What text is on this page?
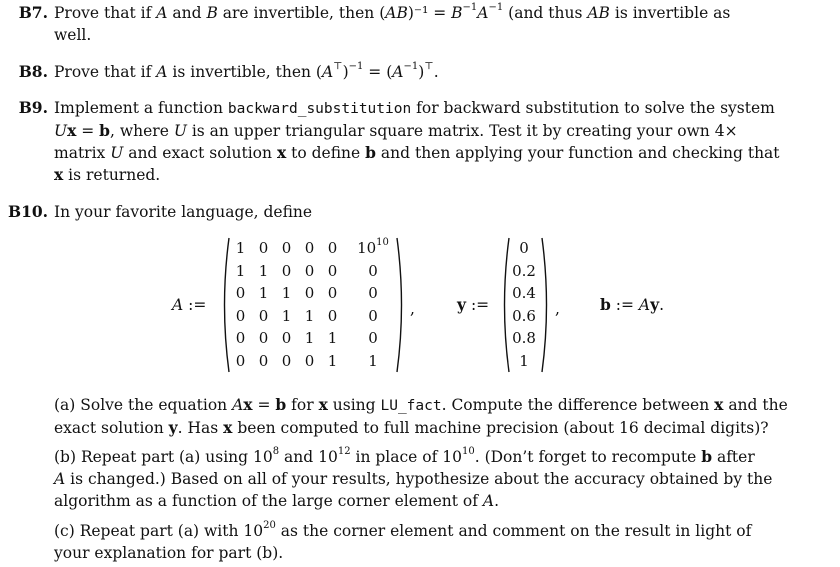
B7. Prove that if A and B are invertible, then $(AB)^{-1} = B^{-1}A^{-1}$ (and thus AB is invertible as
well.
B8. Prove that if A is invertible, then $(A^⊤)^{-1} = (A^{-1})^⊤$.
B9. Implement a function backward_substitution for backward substitution to solve the system
Ux = b, where U is an upper triangular square matrix. Test it by creating your own 4×
matrix U and exact solution x to define b and then applying your function and checking that
x is returned.
B10. In your favorite language, define
A :=
1	0	0	0	0	$10^{10}$
1	1	0	0	0	0
0	1	1	0	0	0
0	0	1	1	0	0
0	0	0	1	1	0
0	0	0	0	1	1
,	y :=
0
0.2
0.4
0.6
0.8
1
,	b := Ay.
(a) Solve the equation Ax = b for x using LU_fact. Compute the difference between x and the
exact solution y. Has x been computed to full machine precision (about 16 decimal digits)?
(b) Repeat part (a) using $10^8$ and $10^{12}$ in place of $10^{10}$. (Don’t forget to recompute b after
A is changed.) Based on all of your results, hypothesize about the accuracy obtained by the
algorithm as a function of the large corner element of A.
(c) Repeat part (a) with $10^{20}$ as the corner element and comment on the result in light of
your explanation for part (b).
